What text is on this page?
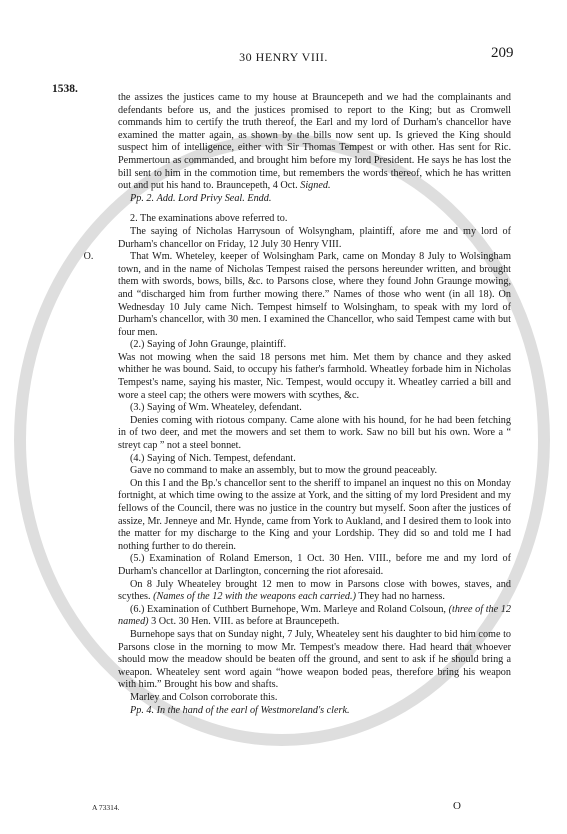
30 HENRY VIII.	209
1538.
R. O.

the assizes the justices came to my house at Brauncepeth and we had the complainants and defendants before us, and the justices promised to report to the King; but as Cromwell commands him to certify the truth thereof, the Earl and my lord of Durham's chancellor have examined the matter again, as shown by the bills now sent up. Is grieved the King should suspect him of intelligence, either with Sir Thomas Tempest or with other. Has sent for Ric. Pemmertoun as commanded, and brought him before my lord President. He says he has lost the bill sent to him in the commotion time, but remembers the words thereof, which he has written out and put his hand to. Brauncepeth, 4 Oct. Signed.

Pp. 2. Add. Lord Privy Seal. Endd.

2. The examinations above referred to.

The saying of Nicholas Harrysoun of Wolsyngham, plaintiff, afore me and my lord of Durham's chancellor on Friday, 12 July 30 Henry VIII.

That Wm. Wheteley, keeper of Wolsingham Park, came on Monday 8 July to Wolsingham town, and in the name of Nicholas Tempest raised the persons hereunder written, and brought them with swords, bows, bills, &c. to Parsons close, where they found John Graunge mowing, and “discharged him from further mowing there.” Names of those who went (in all 18). On Wednesday 10 July came Nich. Tempest himself to Wolsingham, to speak with my lord of Durham's chancellor, with 30 men. I examined the Chancellor, who said Tempest came with but four men.

(2.) Saying of John Graunge, plaintiff.

Was not mowing when the said 18 persons met him. Met them by chance and they asked whither he was bound. Said, to occupy his father's farmhold. Wheatley forbade him in Nicholas Tempest's name, saying his master, Nic. Tempest, would occupy it. Wheatley carried a bill and wore a steel cap; the others were mowers with scythes, &c.

(3.) Saying of Wm. Wheateley, defendant.

Denies coming with riotous company. Came alone with his hound, for he had been fetching in of two deer, and met the mowers and set them to work. Saw no bill but his own. Wore a “ streyt cap ” not a steel bonnet.

(4.) Saying of Nich. Tempest, defendant.

Gave no command to make an assembly, but to mow the ground peaceably.

On this I and the Bp.'s chancellor sent to the sheriff to impanel an inquest no this on Monday fortnight, at which time owing to the assize at York, and the sitting of my lord President and my fellows of the Council, there was no justice in the country but myself. Soon after the justices of assize, Mr. Jenneye and Mr. Hynde, came from York to Aukland, and I desired them to look into the matter for my discharge to the King and your Lordship. They did so and told me I had nothing further to do therein.

(5.) Examination of Roland Emerson, 1 Oct. 30 Hen. VIII., before me and my lord of Durham's chancellor at Darlington, concerning the riot aforesaid.

On 8 July Wheateley brought 12 men to mow in Parsons close with bowes, staves, and scythes. (Names of the 12 with the weapons each carried.) They had no harness.

(6.) Examination of Cuthbert Burnehope, Wm. Marleye and Roland Colsoun, (three of the 12 named) 3 Oct. 30 Hen. VIII. as before at Brauncepeth.

Burnehope says that on Sunday night, 7 July, Wheateley sent his daughter to bid him come to Parsons close in the morning to mow Mr. Tempest's meadow there. Had heard that whoever should mow the meadow should be beaten off the ground, and sent to ask if he should bring a weapon. Wheateley sent word again “howe weapon boded peas, therefore bring his weapon with him.” Brought his bow and shafts.

Marley and Colson corroborate this.

Pp. 4. In the hand of the earl of Westmoreland's clerk.

A 73314.	O
